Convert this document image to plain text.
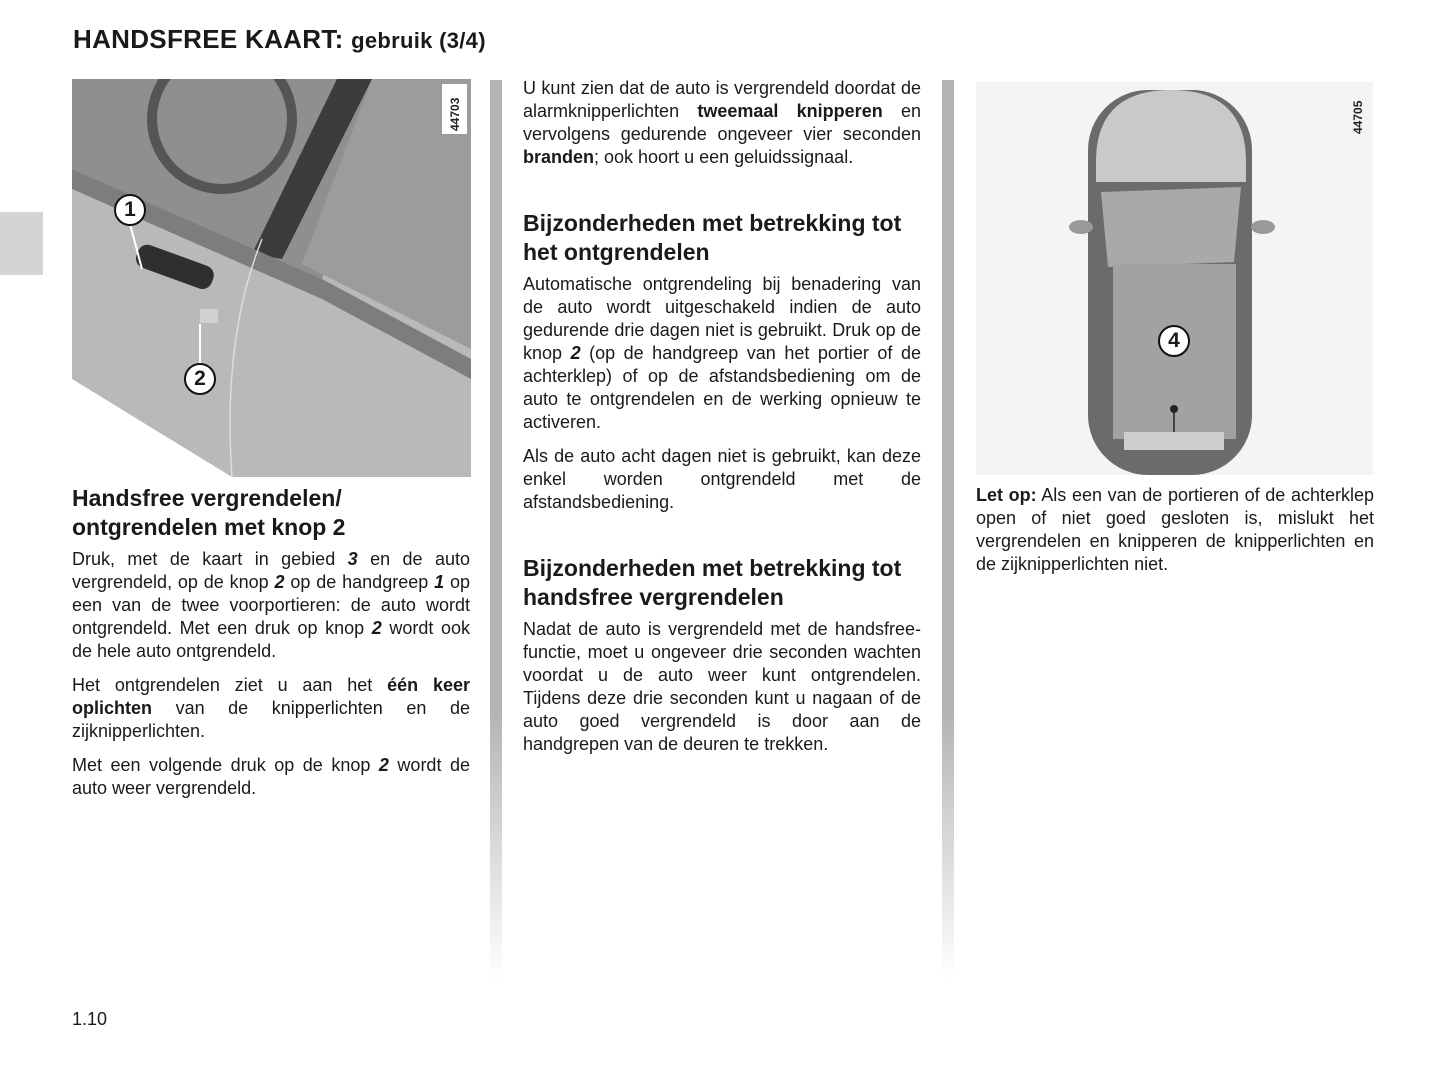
HANDSFREE KAART: gebruik (3/4)
1
2
44703
4
44705
Handsfree vergrendelen/ ontgrendelen met knop 2

Druk, met de kaart in gebied 3 en de auto vergrendeld, op de knop 2 op de handgreep 1 op een van de twee voorportieren: de auto wordt ontgrendeld. Met een druk op knop 2 wordt ook de hele auto ontgrendeld.

Het ontgrendelen ziet u aan het één keer oplichten van de knipperlichten en de zijknipperlichten.

Met een volgende druk op de knop 2 wordt de auto weer vergrendeld.

U kunt zien dat de auto is vergrendeld doordat de alarmknipperlichten tweemaal knipperen en vervolgens gedurende ongeveer vier seconden branden; ook hoort u een geluidssignaal.

Bijzonderheden met betrekking tot het ontgrendelen

Automatische ontgrendeling bij benadering van de auto wordt uitgeschakeld indien de auto gedurende drie dagen niet is gebruikt. Druk op de knop 2 (op de handgreep van het portier of de achterklep) of op de afstandsbediening om de auto te ontgrendelen en de werking opnieuw te activeren.

Als de auto acht dagen niet is gebruikt, kan deze enkel worden ontgrendeld met de afstandsbediening.

Bijzonderheden met betrekking tot handsfree vergrendelen

Nadat de auto is vergrendeld met de handsfree-functie, moet u ongeveer drie seconden wachten voordat u de auto weer kunt ontgrendelen. Tijdens deze drie seconden kunt u nagaan of de auto goed vergrendeld is door aan de handgrepen van de deuren te trekken.

Let op: Als een van de portieren of de achterklep open of niet goed gesloten is, mislukt het vergrendelen en knipperen de knipperlichten en de zijknipperlichten niet.

1.10
